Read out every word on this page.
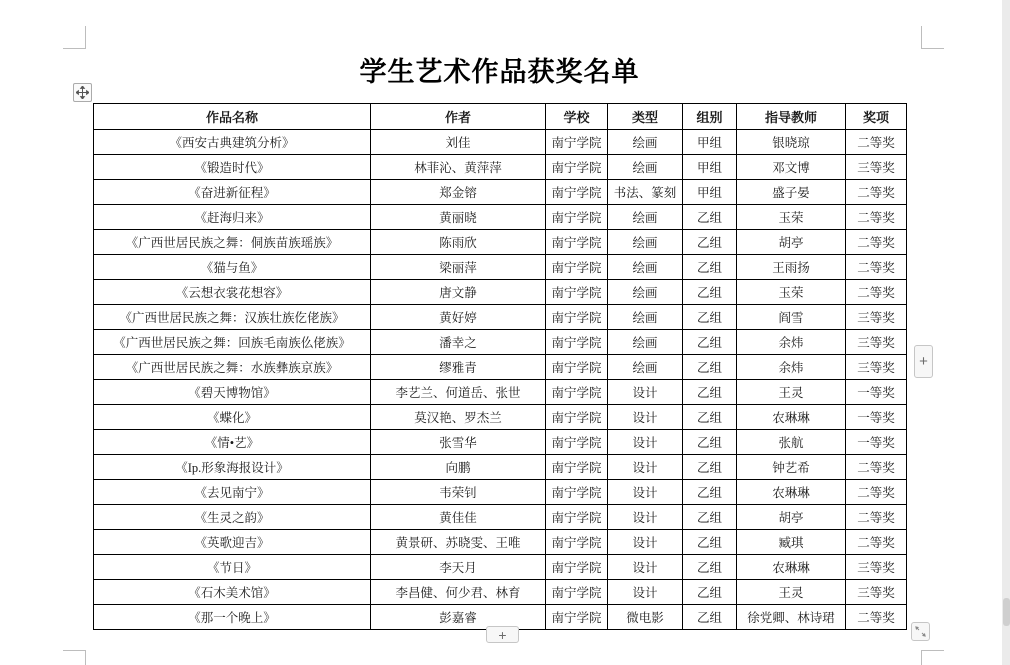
学生艺术作品获奖名单
作品名称	作者	学校	类型	组别	指导教师	奖项
《西安古典建筑分析》	刘佳	南宁学院	绘画	甲组	银晓琼	二等奖
《锻造时代》	林菲沁、黄萍萍	南宁学院	绘画	甲组	邓文博	三等奖
《奋进新征程》	郑金镕	南宁学院	书法、篆刻	甲组	盛子晏	二等奖
《赶海归来》	黄丽晓	南宁学院	绘画	乙组	玉荣	二等奖
《广西世居民族之舞：侗族苗族瑶族》	陈雨欣	南宁学院	绘画	乙组	胡亭	二等奖
《猫与鱼》	梁丽萍	南宁学院	绘画	乙组	王雨扬	二等奖
《云想衣裳花想容》	唐文静	南宁学院	绘画	乙组	玉荣	二等奖
《广西世居民族之舞：汉族壮族仡佬族》	黄好婷	南宁学院	绘画	乙组	阎雪	三等奖
《广西世居民族之舞：回族毛南族仫佬族》	潘幸之	南宁学院	绘画	乙组	余炜	三等奖
《广西世居民族之舞：水族彝族京族》	缪雅青	南宁学院	绘画	乙组	余炜	三等奖
《碧天博物馆》	李艺兰、何道岳、张世	南宁学院	设计	乙组	王灵	一等奖
《蝶化》	莫汉艳、罗杰兰	南宁学院	设计	乙组	农琳琳	一等奖
《情•艺》	张雪华	南宁学院	设计	乙组	张航	一等奖
《Ip.形象海报设计》	向鹏	南宁学院	设计	乙组	钟艺希	二等奖
《去见南宁》	韦荣钊	南宁学院	设计	乙组	农琳琳	二等奖
《生灵之韵》	黄佳佳	南宁学院	设计	乙组	胡亭	二等奖
《英歌迎吉》	黄景研、苏晓雯、王唯	南宁学院	设计	乙组	臧琪	二等奖
《节日》	李天月	南宁学院	设计	乙组	农琳琳	三等奖
《石木美术馆》	李昌健、何少君、林育	南宁学院	设计	乙组	王灵	三等奖
《那一个晚上》	彭嘉睿	南宁学院	微电影	乙组	徐党卿、林诗珺	二等奖
+
+
